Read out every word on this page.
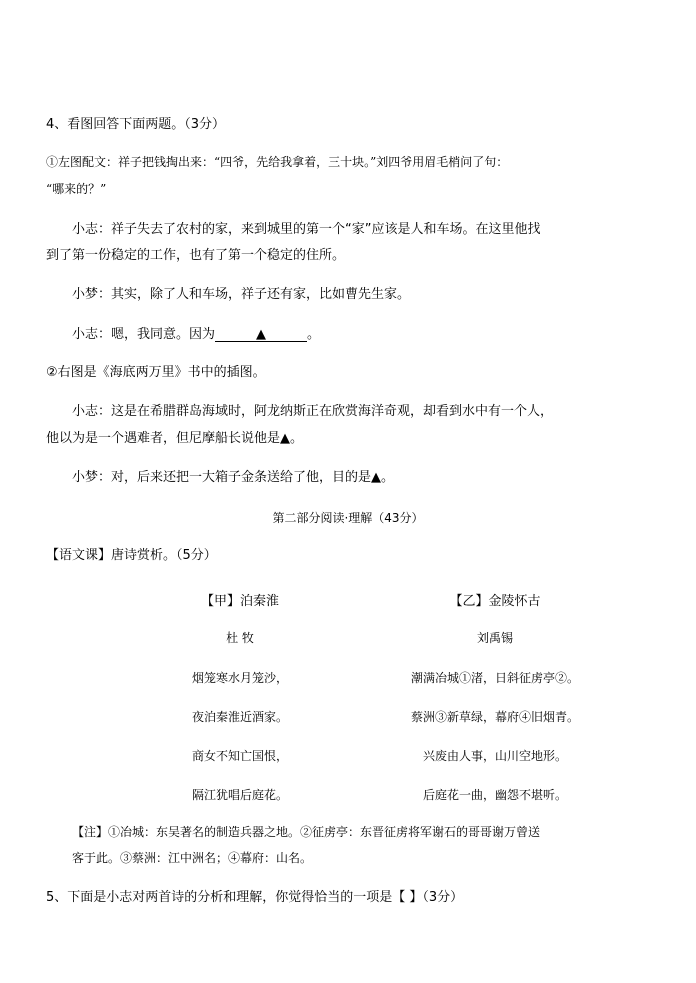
4、看图回答下面两题。（3分）
①左图配文：祥子把钱掏出来：“四爷，先给我拿着，三十块。”刘四爷用眉毛梢问了句：
“哪来的？”
小志：祥子失去了农村的家，来到城里的第一个“家”应该是人和车场。在这里他找
到了第一份稳定的工作，也有了第一个稳定的住所。
小梦：其实，除了人和车场，祥子还有家，比如曹先生家。
小志：嗯，我同意。因为	▲	。
②右图是《海底两万里》书中的插图。
小志：这是在希腊群岛海域时，阿龙纳斯正在欣赏海洋奇观，却看到水中有一个人，
他以为是一个遇难者，但尼摩船长说他是▲。
小梦：对，后来还把一大箱子金条送给了他，目的是▲。
第二部分阅读·理解（43分）
【语文课】唐诗赏析。（5分）
【甲】泊秦淮
杜 牧
烟笼寒水月笼沙，
夜泊秦淮近酒家。
商女不知亡国恨，
隔江犹唱后庭花。
【乙】金陵怀古
刘禹锡
潮满冶城①渚，日斜征虏亭②。
蔡洲③新草绿，幕府④旧烟青。
兴废由人事，山川空地形。
后庭花一曲，幽怨不堪听。
【注】①冶城：东吴著名的制造兵器之地。②征虏亭：东晋征虏将军谢石的哥哥谢万曾送
客于此。③蔡洲：江中洲名；④幕府：山名。
5、下面是小志对两首诗的分析和理解，你觉得恰当的一项是【 】（3分）
